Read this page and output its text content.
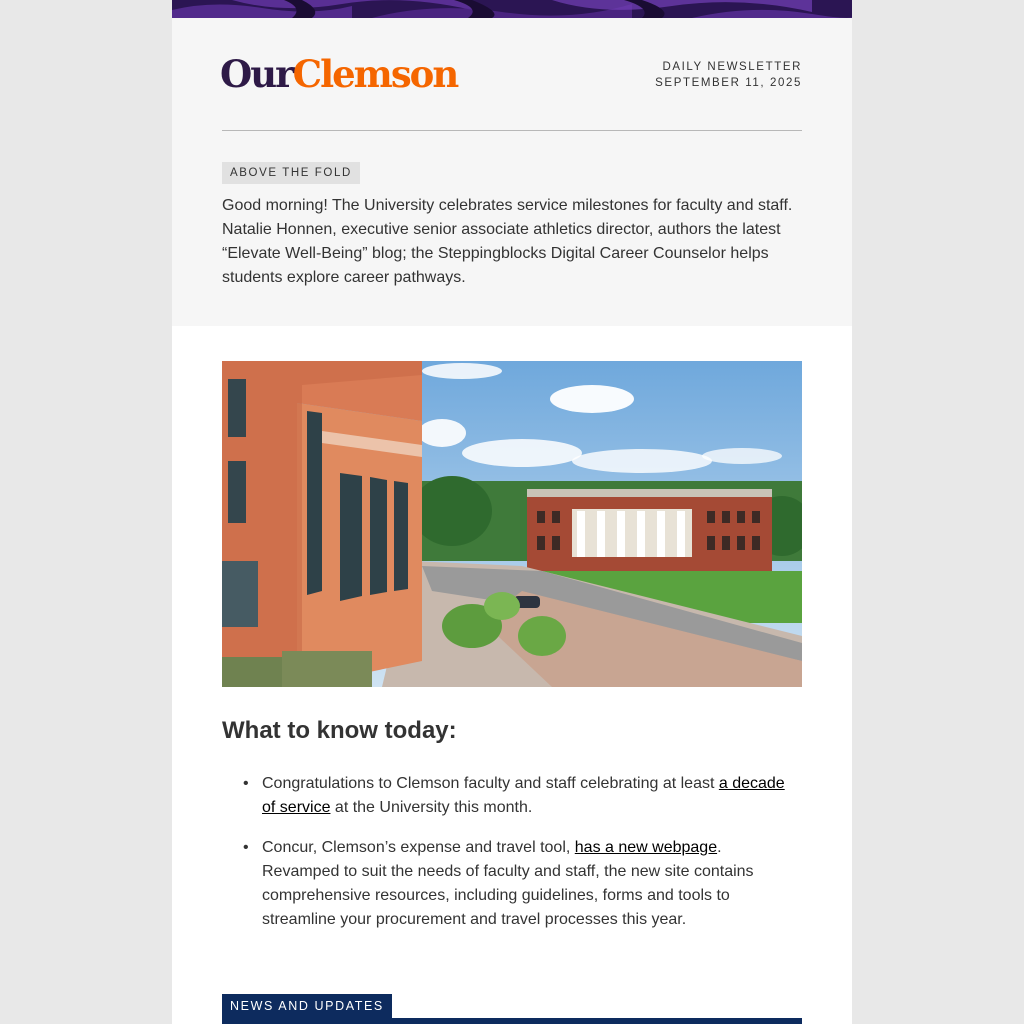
OurClemson	DAILY NEWSLETTER
SEPTEMBER 11, 2025
ABOVE THE FOLD
Good morning! The University celebrates service milestones for faculty and staff. Natalie Honnen, executive senior associate athletics director, authors the latest “Elevate Well-Being” blog; the Steppingblocks Digital Career Counselor helps students explore career pathways.
What to know today:
• Congratulations to Clemson faculty and staff celebrating at least a decade of service at the University this month.
• Concur, Clemson’s expense and travel tool, has a new webpage. Revamped to suit the needs of faculty and staff, the new site contains comprehensive resources, including guidelines, forms and tools to streamline your procurement and travel processes this year.
NEWS AND UPDATES
